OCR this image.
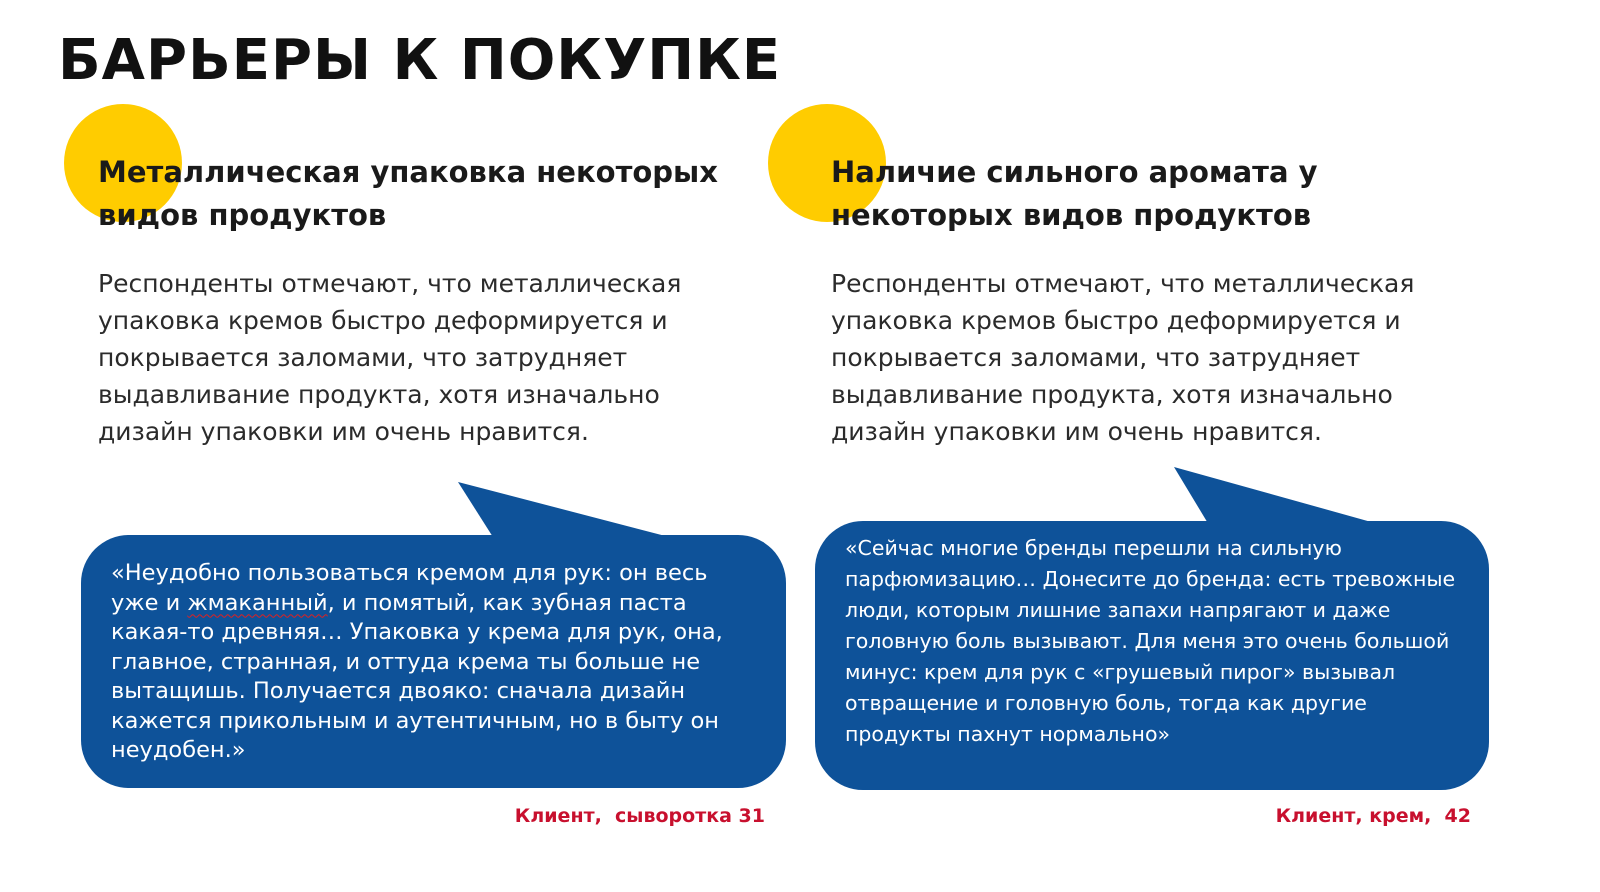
БАРЬЕРЫ К ПОКУПКЕ
Металлическая упаковка некоторых видов продуктов
Наличие сильного аромата у некоторых видов продуктов

Респонденты отмечают, что металлическая упаковка кремов быстро деформируется и покрывается заломами, что затрудняет выдавливание продукта, хотя изначально дизайн упаковки им очень нравится.

Респонденты отмечают, что металлическая упаковка кремов быстро деформируется и покрывается заломами, что затрудняет выдавливание продукта, хотя изначально дизайн упаковки им очень нравится.

«Неудобно пользоваться кремом для рук: он весь уже и жмаканный, и помятый, как зубная паста какая-то древняя… Упаковка у крема для рук, она, главное, странная, и оттуда крема ты больше не вытащишь. Получается двояко: сначала дизайн кажется прикольным и аутентичным, но в быту он неудобен.»

«Сейчас многие бренды перешли на сильную парфюмизацию… Донесите до бренда: есть тревожные люди, которым лишние запахи напрягают и даже головную боль вызывают. Для меня это очень большой минус: крем для рук с «грушевый пирог» вызывал отвращение и головную боль, тогда как другие продукты пахнут нормально»

Клиент,  сыворотка 31	Клиент, крем,  42
